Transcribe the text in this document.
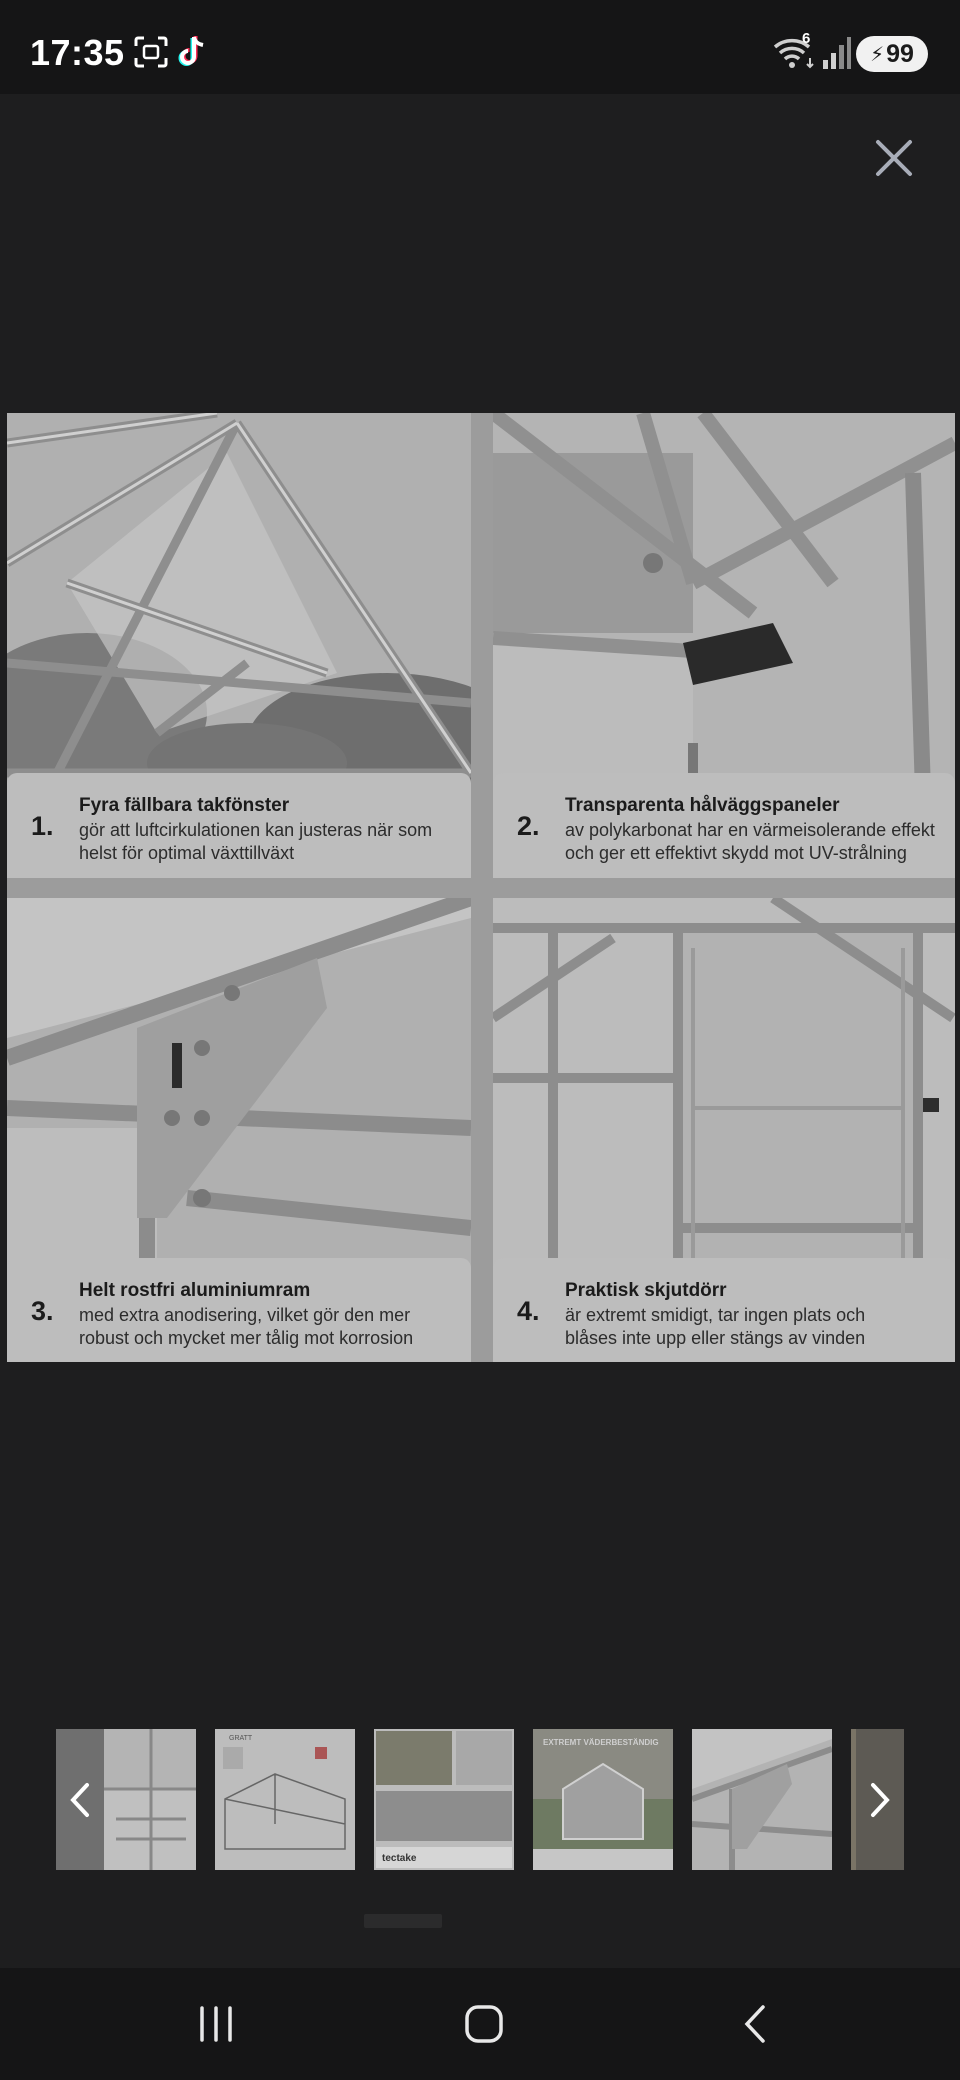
17:35	6
⚡ 99
1.
Fyra fällbara takfönster
gör att luftcirkulationen kan justeras när som
helst för optimal växttillväxt
2.
Transparenta hålväggspaneler
av polykarbonat har en värmeisolerande effekt
och ger ett effektivt skydd mot UV-strålning
3.
Helt rostfri aluminiumram
med extra anodisering, vilket gör den mer
robust och mycket mer tålig mot korrosion
4.
Praktisk skjutdörr
är extremt smidigt, tar ingen plats och
blåses inte upp eller stängs av vinden
GRATT
tectake
EXTREMT VÄDERBESTÄNDIG
